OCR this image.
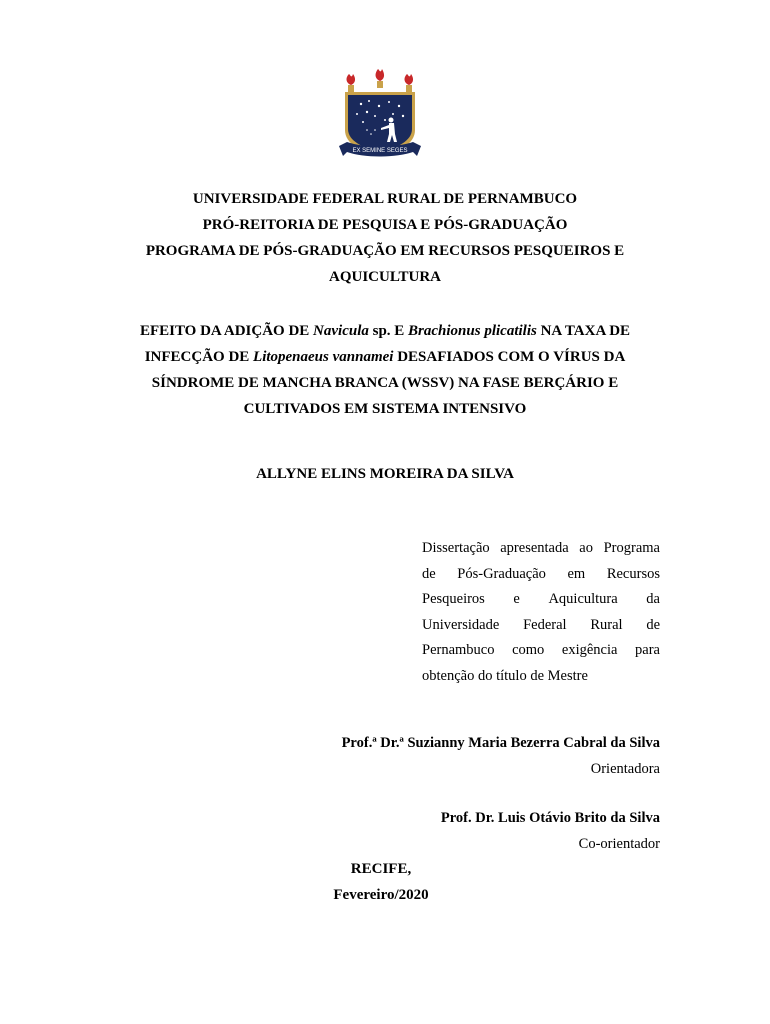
EX SEMINE SEGES
UNIVERSIDADE FEDERAL RURAL DE PERNAMBUCO
PRÓ-REITORIA DE PESQUISA E PÓS-GRADUAÇÃO
PROGRAMA DE PÓS-GRADUAÇÃO EM RECURSOS PESQUEIROS E
AQUICULTURA
EFEITO DA ADIÇÃO DE Navicula sp. E Brachionus plicatilis NA TAXA DE
INFECÇÃO DE Litopenaeus vannamei DESAFIADOS COM O VÍRUS DA
SÍNDROME DE MANCHA BRANCA (WSSV) NA FASE BERÇÁRIO E
CULTIVADOS EM SISTEMA INTENSIVO
ALLYNE ELINS MOREIRA DA SILVA
Dissertação apresentada ao Programa
de Pós-Graduação em Recursos
Pesqueiros e Aquicultura da
Universidade Federal Rural de
Pernambuco como exigência para
obtenção do título de Mestre
Prof.ª Dr.ª Suzianny Maria Bezerra Cabral da Silva
Orientadora
Prof. Dr. Luis Otávio Brito da Silva
Co-orientador
RECIFE,
Fevereiro/2020
